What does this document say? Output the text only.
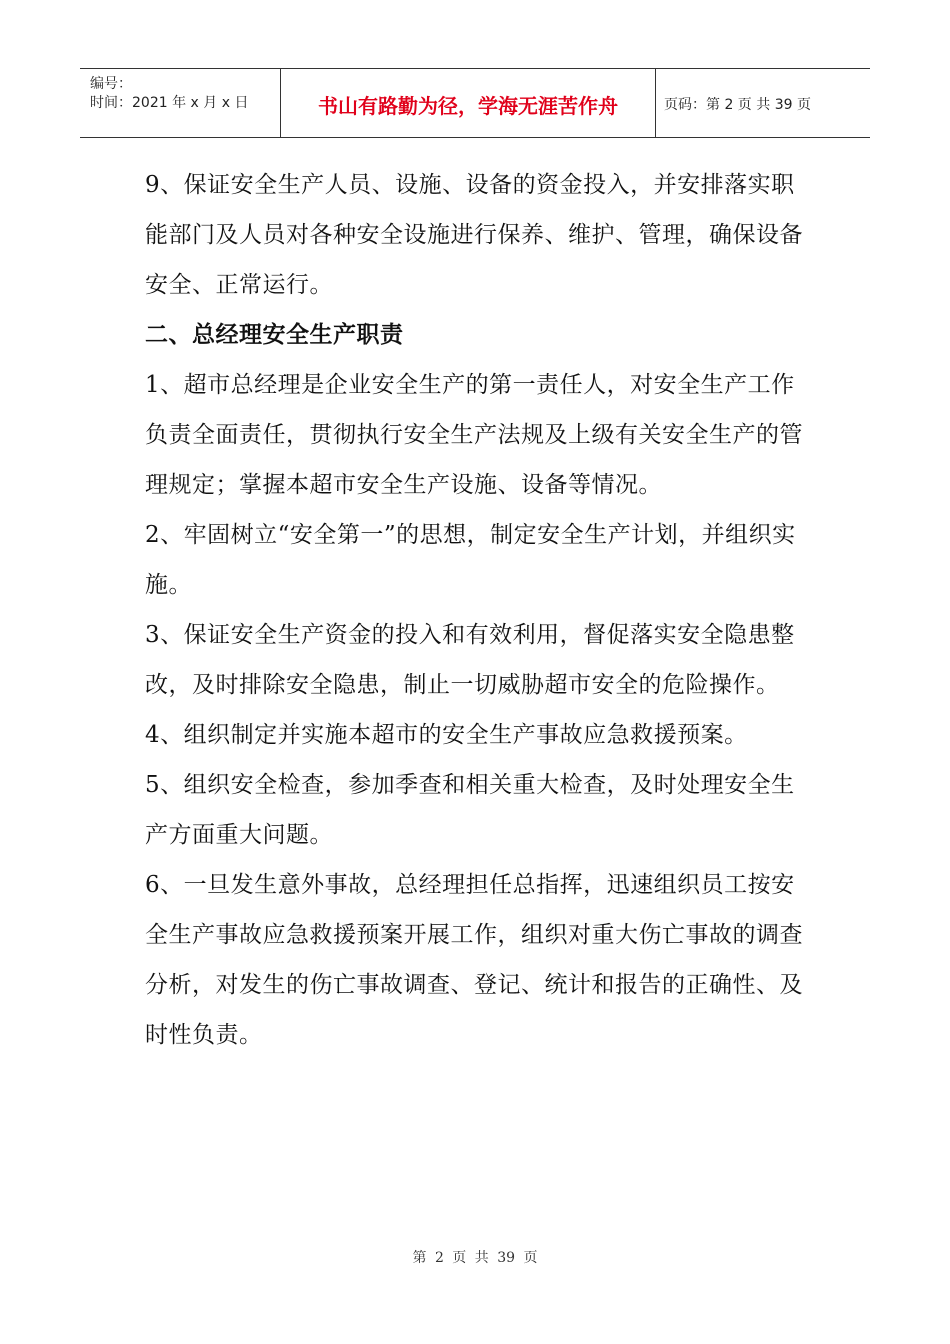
编号：
时间：2021 年 x 月 x 日	书山有路勤为径，学海无涯苦作舟	页码：第 2 页 共 39 页

9、保证安全生产人员、设施、设备的资金投入，并安排落实职能部门及人员对各种安全设施进行保养、维护、管理，确保设备安全、正常运行。

二、总经理安全生产职责

1、超市总经理是企业安全生产的第一责任人，对安全生产工作负责全面责任，贯彻执行安全生产法规及上级有关安全生产的管理规定；掌握本超市安全生产设施、设备等情况。

2、牢固树立“安全第一”的思想，制定安全生产计划，并组织实施。

3、保证安全生产资金的投入和有效利用，督促落实安全隐患整改，及时排除安全隐患，制止一切威胁超市安全的危险操作。

4、组织制定并实施本超市的安全生产事故应急救援预案。

5、组织安全检查，参加季查和相关重大检查，及时处理安全生产方面重大问题。

6、一旦发生意外事故，总经理担任总指挥，迅速组织员工按安全生产事故应急救援预案开展工作，组织对重大伤亡事故的调查分析，对发生的伤亡事故调查、登记、统计和报告的正确性、及时性负责。

第 2 页 共 39 页
